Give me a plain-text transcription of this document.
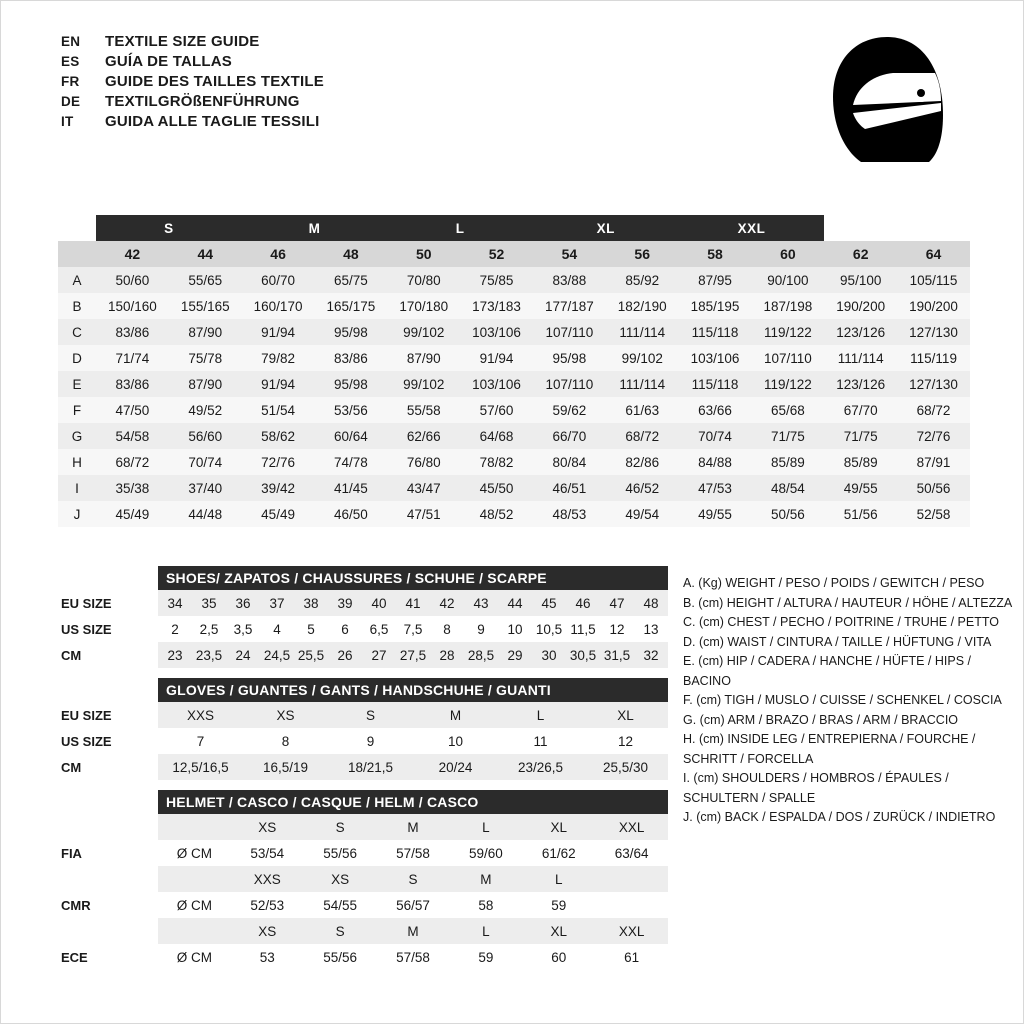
EN	TEXTILE SIZE GUIDE
ES	GUÍA DE TALLAS
FR	GUIDE DES TAILLES TEXTILE
DE	TEXTILGRÖßENFÜHRUNG
IT	GUIDA ALLE TAGLIE TESSILI
	S		M		L		XL		XXL			
	42	44	46	48	50	52	54	56	58	60	62	64
A	50/60	55/65	60/70	65/75	70/80	75/85	83/88	85/92	87/95	90/100	95/100	105/115
B	150/160	155/165	160/170	165/175	170/180	173/183	177/187	182/190	185/195	187/198	190/200	190/200
C	83/86	87/90	91/94	95/98	99/102	103/106	107/110	111/114	115/118	119/122	123/126	127/130
D	71/74	75/78	79/82	83/86	87/90	91/94	95/98	99/102	103/106	107/110	111/114	115/119
E	83/86	87/90	91/94	95/98	99/102	103/106	107/110	111/114	115/118	119/122	123/126	127/130
F	47/50	49/52	51/54	53/56	55/58	57/60	59/62	61/63	63/66	65/68	67/70	68/72
G	54/58	56/60	58/62	60/64	62/66	64/68	66/70	68/72	70/74	71/75	71/75	72/76
H	68/72	70/74	72/76	74/78	76/80	78/82	80/84	82/86	84/88	85/89	85/89	87/91
I	35/38	37/40	39/42	41/45	43/47	45/50	46/51	46/52	47/53	48/54	49/55	50/56
J	45/49	44/48	45/49	46/50	47/51	48/52	48/53	49/54	49/55	50/56	51/56	52/58
SHOES/ ZAPATOS / CHAUSSURES / SCHUHE / SCARPE
EU SIZE	34	35	36	37	38	39	40	41	42	43	44	45	46	47	48
US SIZE	2	2,5	3,5	4	5	6	6,5	7,5	8	9	10 10,5 11,5	12	13
CM	23 23,5 24 24,5 25,5 26	27 27,5 28 28,5 29	30 30,5 31,5 32
GLOVES / GUANTES / GANTS / HANDSCHUHE / GUANTI
EU SIZE	XXS	XS	S	M	L	XL
US SIZE	7	8	9	10	11	12
CM	12,5/16,5	16,5/19	18/21,5	20/24	23/26,5	25,5/30
HELMET / CASCO / CASQUE / HELM / CASCO
XS	S	M	L	XL	XXL
FIA	Ø CM	53/54	55/56	57/58	59/60	61/62	63/64
XXS	XS	S	M	L
CMR	Ø CM	52/53	54/55	56/57	58	59
XS	S	M	L	XL	XXL
ECE	Ø CM	53	55/56	57/58	59	60	61
A. (Kg) WEIGHT / PESO / POIDS / GEWITCH / PESO
B. (cm) HEIGHT / ALTURA / HAUTEUR / HÖHE / ALTEZZA
C. (cm) CHEST / PECHO / POITRINE / TRUHE / PETTO
D. (cm) WAIST / CINTURA / TAILLE / HÜFTUNG / VITA
E. (cm) HIP / CADERA / HANCHE / HÜFTE / HIPS / BACINO
F. (cm) TIGH / MUSLO / CUISSE / SCHENKEL / COSCIA
G. (cm) ARM / BRAZO / BRAS / ARM / BRACCIO
H. (cm) INSIDE LEG / ENTREPIERNA / FOURCHE / SCHRITT / FORCELLA
I. (cm) SHOULDERS / HOMBROS / ÉPAULES / SCHULTERN / SPALLE
J. (cm) BACK / ESPALDA / DOS / ZURÜCK / INDIETRO
